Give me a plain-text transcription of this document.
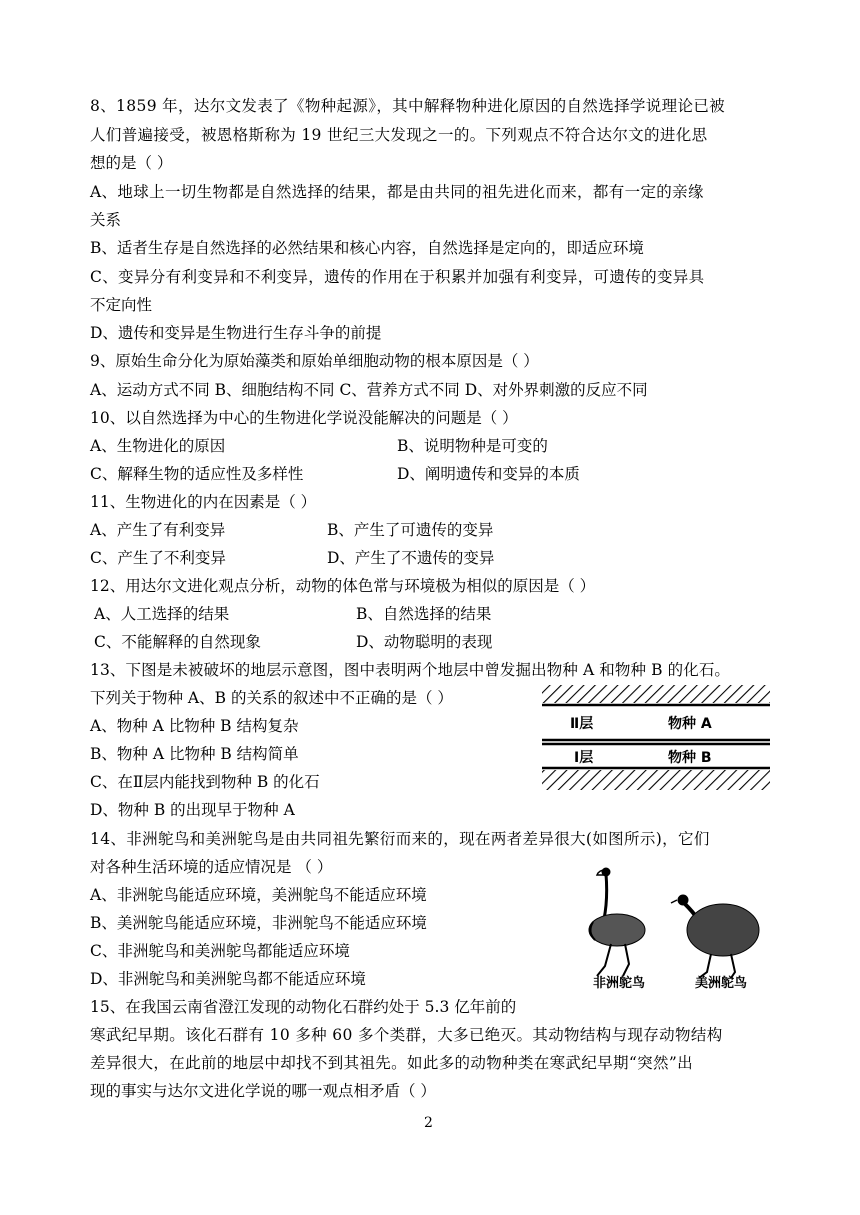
8、1859 年，达尔文发表了《物种起源》，其中解释物种进化原因的自然选择学说理论已被
人们普遍接受，被恩格斯称为 19 世纪三大发现之一的。下列观点不符合达尔文的进化思
想的是（ ）
A、地球上一切生物都是自然选择的结果，都是由共同的祖先进化而来，都有一定的亲缘
关系
B、适者生存是自然选择的必然结果和核心内容，自然选择是定向的，即适应环境
C、变异分有利变异和不利变异，遗传的作用在于积累并加强有利变异，可遗传的变异具
不定向性
D、遗传和变异是生物进行生存斗争的前提
9、原始生命分化为原始藻类和原始单细胞动物的根本原因是（ ）
A、运动方式不同 B、细胞结构不同 C、营养方式不同 D、对外界刺激的反应不同
10、以自然选择为中心的生物进化学说没能解决的问题是（ ）
A、生物进化的原因	B、说明物种是可变的
C、解释生物的适应性及多样性	D、阐明遗传和变异的本质
11、生物进化的内在因素是（ ）
A、产生了有利变异	B、产生了可遗传的变异
C、产生了不利变异	D、产生了不遗传的变异
12、用达尔文进化观点分析，动物的体色常与环境极为相似的原因是（ ）
A、人工选择的结果	B、自然选择的结果
C、不能解释的自然现象	D、动物聪明的表现
13、下图是未被破坏的地层示意图，图中表明两个地层中曾发掘出物种 A 和物种 B 的化石。
下列关于物种 A、B 的关系的叙述中不正确的是（ ）
A、物种 A 比物种 B 结构复杂
B、物种 A 比物种 B 结构简单
C、在Ⅱ层内能找到物种 B 的化石
D、物种 B 的出现早于物种 A
Ⅱ层	物种 A
Ⅰ层	物种 B
14、非洲鸵鸟和美洲鸵鸟是由共同祖先繁衍而来的，现在两者差异很大(如图所示)，它们
对各种生活环境的适应情况是 （ ）
A、非洲鸵鸟能适应环境，美洲鸵鸟不能适应环境
B、美洲鸵鸟能适应环境，非洲鸵鸟不能适应环境
C、非洲鸵鸟和美洲鸵鸟都能适应环境
D、非洲鸵鸟和美洲鸵鸟都不能适应环境	非洲鸵鸟	美洲鸵鸟
15、在我国云南省澄江发现的动物化石群约处于 5.3 亿年前的
寒武纪早期。该化石群有 10 多种 60 多个类群，大多已绝灭。其动物结构与现存动物结构
差异很大，在此前的地层中却找不到其祖先。如此多的动物种类在寒武纪早期“突然”出
现的事实与达尔文进化学说的哪一观点相矛盾（ ）
2
